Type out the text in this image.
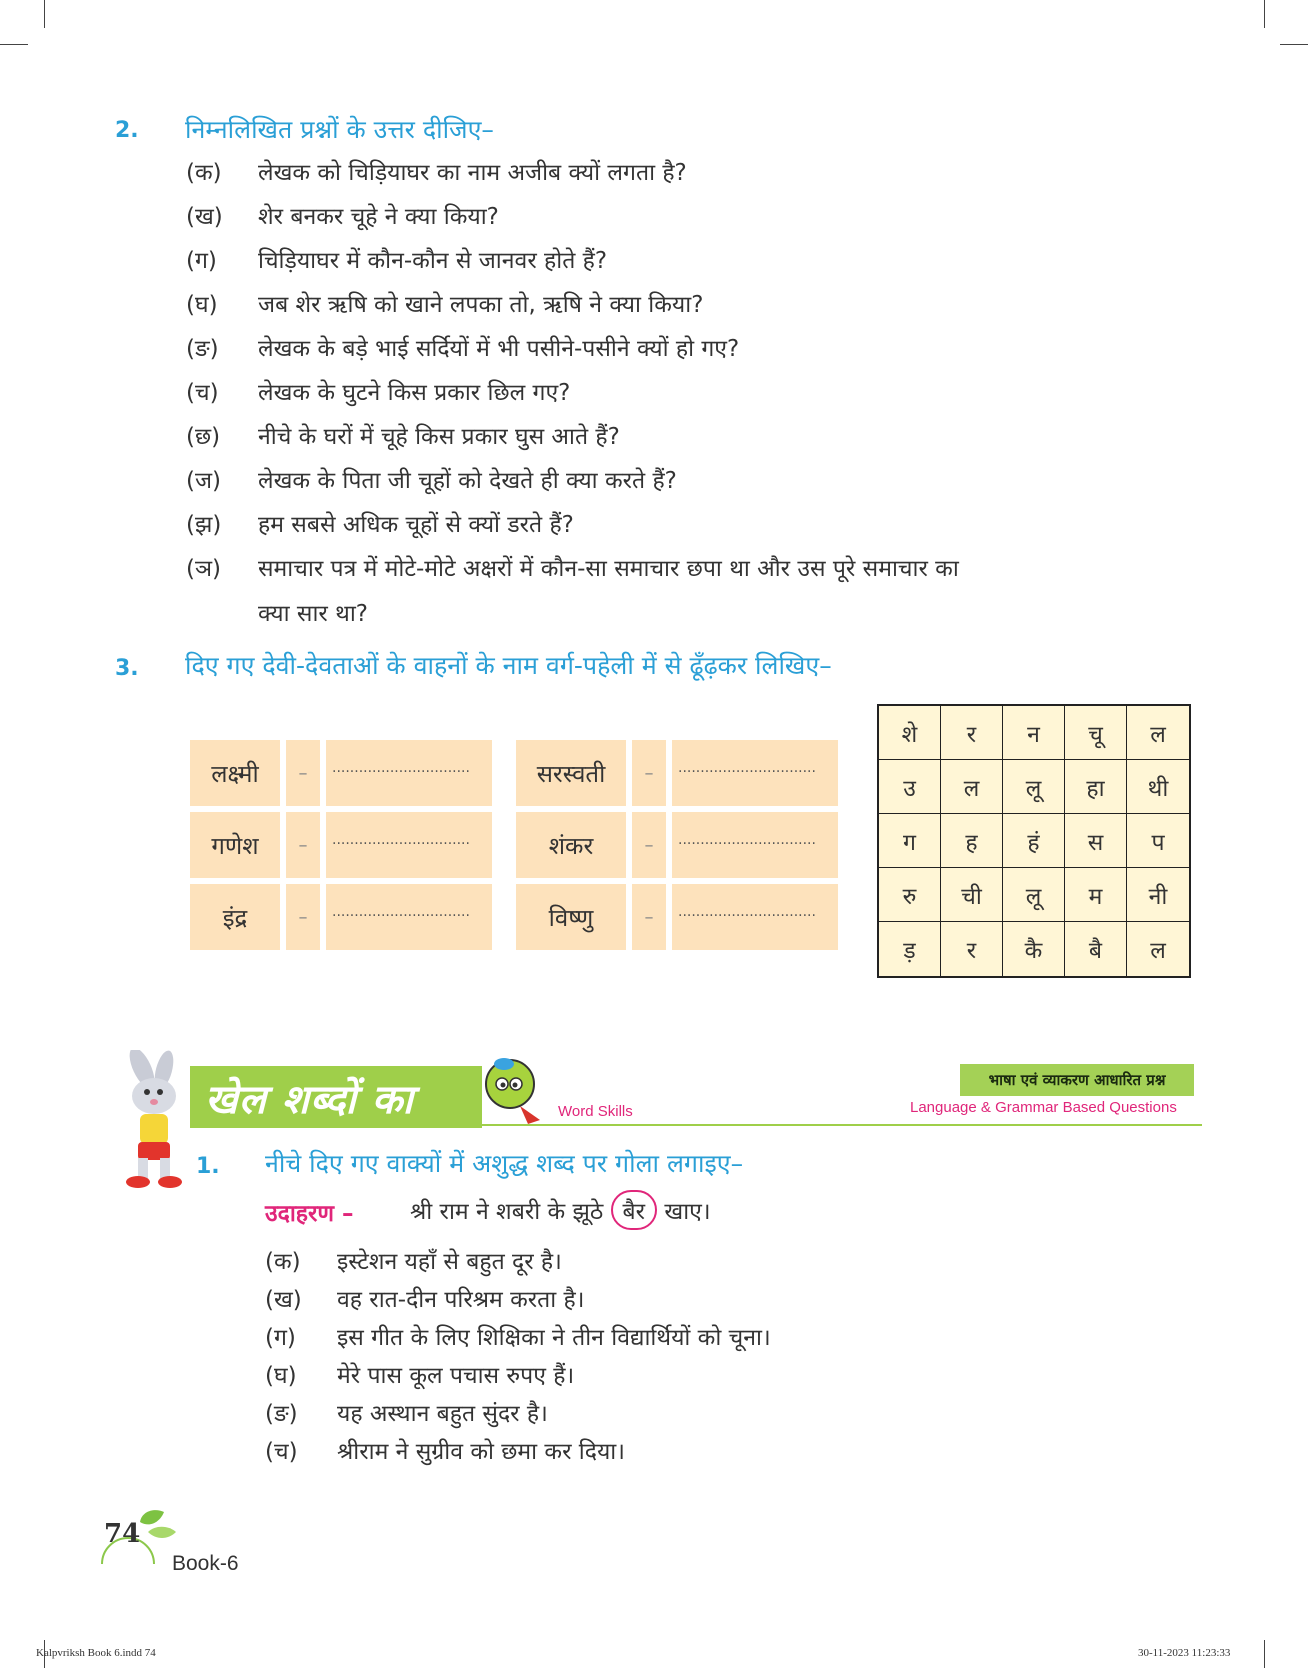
2. निम्नलिखित प्रश्नों के उत्तर दीजिए–
(क) लेखक को चिड़ियाघर का नाम अजीब क्यों लगता है?
(ख) शेर बनकर चूहे ने क्या किया?
(ग) चिड़ियाघर में कौन-कौन से जानवर होते हैं?
(घ) जब शेर ऋषि को खाने लपका तो, ऋषि ने क्या किया?
(ङ) लेखक के बड़े भाई सर्दियों में भी पसीने-पसीने क्यों हो गए?
(च) लेखक के घुटने किस प्रकार छिल गए?
(छ) नीचे के घरों में चूहे किस प्रकार घुस आते हैं?
(ज) लेखक के पिता जी चूहों को देखते ही क्या करते हैं?
(झ) हम सबसे अधिक चूहों से क्यों डरते हैं?
(ञ) समाचार पत्र में मोटे-मोटे अक्षरों में कौन-सा समाचार छपा था और उस पूरे समाचार का
क्या सार था?
3. दिए गए देवी-देवताओं के वाहनों के नाम वर्ग-पहेली में से ढूँढ़कर लिखिए–
लक्ष्मी	–	...............................
गणेश	–	...............................
इंद्र	–	...............................
सरस्वती	–	...............................
शंकर	–	...............................
विष्णु	–	...............................
शे	र	न	चू	ल
उ	ल	लू	हा	थी
ग	ह	हं	स	प
रु	ची	लू	म	नी
ड़	र	कै	बै	ल
खेल शब्दों का	Word Skills
भाषा एवं व्याकरण आधारित प्रश्न
Language & Grammar Based Questions
1. नीचे दिए गए वाक्यों में अशुद्ध शब्द पर गोला लगाइए–
उदाहरण – श्री राम ने शबरी के झूठे बैर खाए।
(क) इस्टेशन यहाँ से बहुत दूर है।
(ख) वह रात-दीन परिश्रम करता है।
(ग) इस गीत के लिए शिक्षिका ने तीन विद्यार्थियों को चूना।
(घ) मेरे पास कूल पचास रुपए हैं।
(ङ) यह अस्थान बहुत सुंदर है।
(च) श्रीराम ने सुग्रीव को छमा कर दिया।
74
Book-6
Kalpvriksh Book 6.indd 74	30-11-2023 11:23:33
